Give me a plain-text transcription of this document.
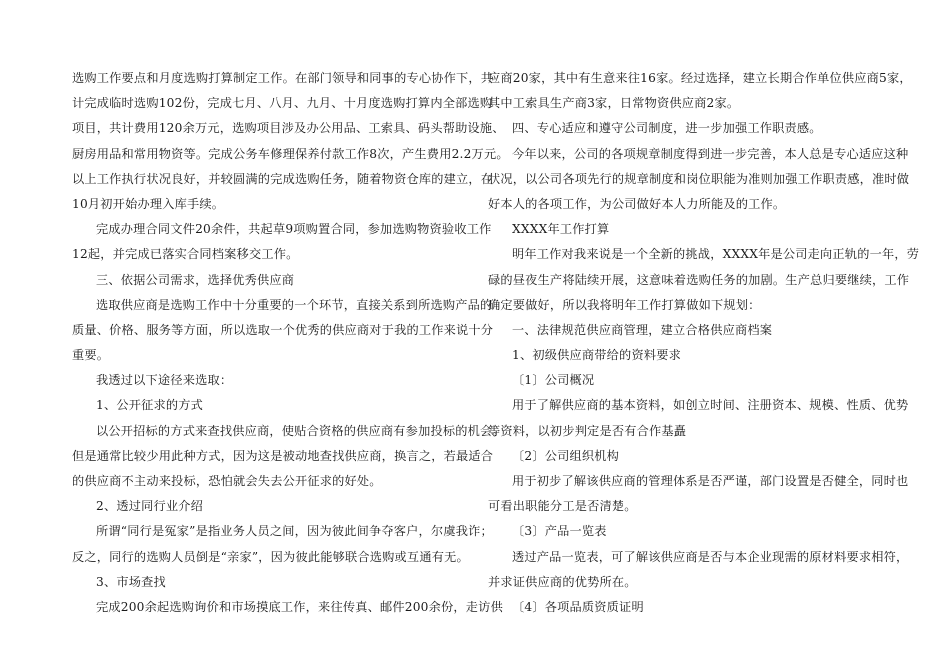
选购工作要点和月度选购打算制定工作。在部门领导和同事的专心协作下，共
计完成临时选购102份，完成七月、八月、九月、十月度选购打算内全部选购
项目，共计费用120余万元，选购项目涉及办公用品、工索具、码头帮助设施、
厨房用品和常用物资等。完成公务车修理保养付款工作8次，产生费用2.2万元。
以上工作执行状况良好，并较圆满的完成选购任务，随着物资仓库的建立，在
10月初开始办理入库手续。
完成办理合同文件20余件，共起草9项购置合同，参加选购物资验收工作
12起，并完成已落实合同档案移交工作。
三、依据公司需求，选择优秀供应商
选取供应商是选购工作中十分重要的一个环节，直接关系到所选购产品的
质量、价格、服务等方面，所以选取一个优秀的供应商对于我的工作来说十分
重要。
我透过以下途径来选取：
1、公开征求的方式
以公开招标的方式来查找供应商，使贴合资格的供应商有参加投标的机会。
但是通常比较少用此种方式，因为这是被动地查找供应商，换言之，若最适合
的供应商不主动来投标，恐怕就会失去公开征求的好处。
2、透过同行业介绍
所谓“同行是冤家”是指业务人员之间，因为彼此间争夺客户，尔虞我诈；
反之，同行的选购人员倒是“亲家”，因为彼此能够联合选购或互通有无。
3、市场查找
完成200余起选购询价和市场摸底工作，来往传真、邮件200余份，走访供
应商20家，其中有生意来往16家。经过选择，建立长期合作单位供应商5家，
其中工索具生产商3家，日常物资供应商2家。
四、专心适应和遵守公司制度，进一步加强工作职责感。
今年以来，公司的各项规章制度得到进一步完善，本人总是专心适应这种
状况，以公司各项先行的规章制度和岗位职能为准则加强工作职责感，准时做
好本人的各项工作，为公司做好本人力所能及的工作。
XXXX年工作打算
明年工作对我来说是一个全新的挑战，XXXX年是公司走向正轨的一年，劳
碌的昼夜生产将陆续开展，这意味着选购任务的加剧。生产总归要继续，工作
确定要做好，所以我将明年工作打算做如下规划：
一、法律规范供应商管理，建立合格供应商档案
1、初级供应商带给的资料要求
〔1〕公司概况
用于了解供应商的基本资料，如创立时间、注册资本、规模、性质、优势
等资料，以初步判定是否有合作基矗
〔2〕公司组织机构
用于初步了解该供应商的管理体系是否严谨，部门设置是否健全，同时也
可看出职能分工是否清楚。
〔3〕产品一览表
透过产品一览表，可了解该供应商是否与本企业现需的原材料要求相符，
并求证供应商的优势所在。
〔4〕各项品质资质证明
